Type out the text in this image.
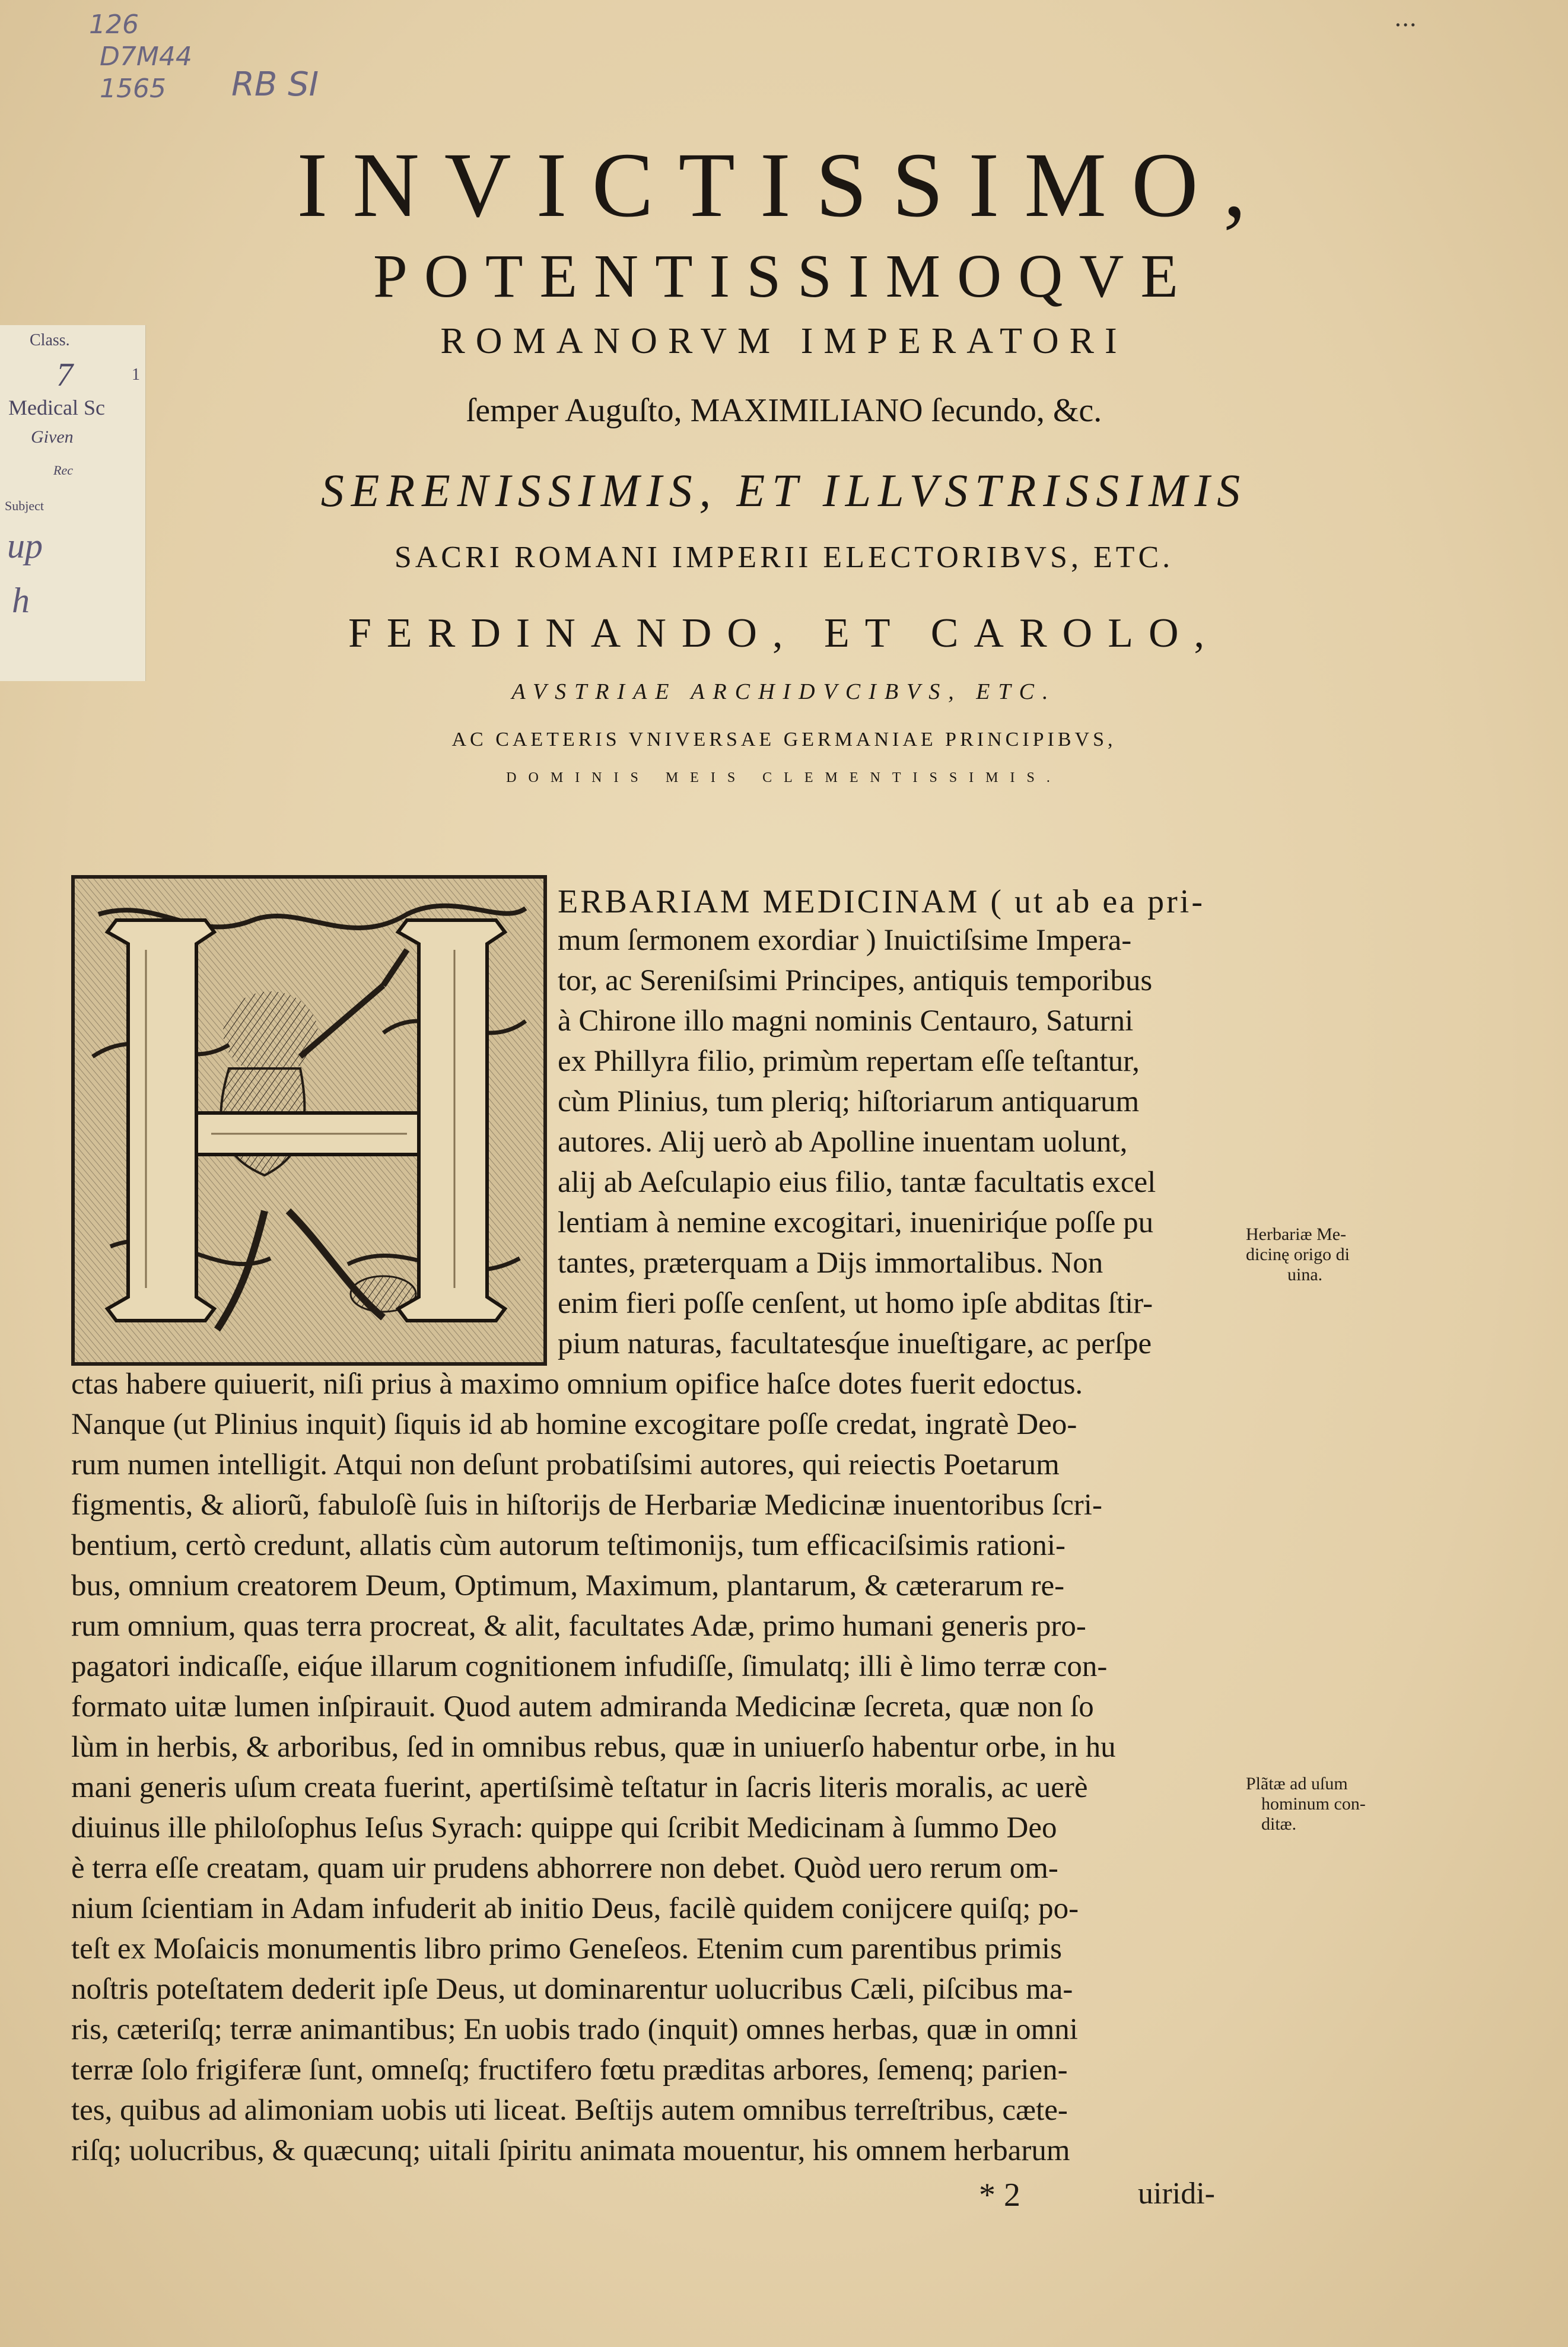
126
D7M44
1565 RB SI
...
Class.
7	1
Medical Sc
Given
Rec
Subject
up
h
INVICTISSIMO,
POTENTISSIMOQVE
ROMANORVM IMPERATORI
ſemper Auguſto, MAXIMILIANO ſecundo, &c.
SERENISSIMIS, ET ILLVSTRISSIMIS
SACRI ROMANI IMPERII ELECTORIBVS, ETC.
FERDINANDO, ET CAROLO,
AVSTRIAE ARCHIDVCIBVS, ETC.
AC CAETERIS VNIVERSAE GERMANIAE PRINCIPIBVS,
DOMINIS MEIS CLEMENTISSIMIS.
ERBARIAM MEDICINAM ( ut ab ea pri-
mum ſermonem exordiar ) Inuictiſsime Impera-
tor, ac Sereniſsimi Principes, antiquis temporibus
à Chirone illo magni nominis Centauro, Saturni
ex Phillyra filio, primùm repertam eſſe teſtantur,
cùm Plinius, tum pleriq; hiſtoriarum antiquarum
autores. Alij uerò ab Apolline inuentam uolunt,
alij ab Aeſculapio eius filio, tantæ facultatis excel
lentiam à nemine excogitari, inueniriq́ue poſſe pu
tantes, præterquam a Dijs immortalibus. Non
enim fieri poſſe cenſent, ut homo ipſe abditas ſtir-
pium naturas, facultatesq́ue inueſtigare, ac perſpe
ctas habere quiuerit, niſi prius à maximo omnium opifice haſce dotes fuerit edoctus.
Nanque (ut Plinius inquit) ſiquis id ab homine excogitare poſſe credat, ingratè Deo-
rum numen intelligit. Atqui non deſunt probatiſsimi autores, qui reiectis Poetarum
figmentis, & aliorũ, fabuloſè ſuis in hiſtorijs de Herbariæ Medicinæ inuentoribus ſcri-
bentium, certò credunt, allatis cùm autorum teſtimonijs, tum efficaciſsimis rationi-
bus, omnium creatorem Deum, Optimum, Maximum, plantarum, & cæterarum re-
rum omnium, quas terra procreat, & alit, facultates Adæ, primo humani generis pro-
pagatori indicaſſe, eiq́ue illarum cognitionem infudiſſe, ſimulatq; illi è limo terræ con-
formato uitæ lumen inſpirauit. Quod autem admiranda Medicinæ ſecreta, quæ non ſo
lùm in herbis, & arboribus, ſed in omnibus rebus, quæ in uniuerſo habentur orbe, in hu
mani generis uſum creata fuerint, apertiſsimè teſtatur in ſacris literis moralis, ac uerè
diuinus ille philoſophus Ieſus Syrach: quippe qui ſcribit Medicinam à ſummo Deo
è terra eſſe creatam, quam uir prudens abhorrere non debet. Quòd uero rerum om-
nium ſcientiam in Adam infuderit ab initio Deus, facilè quidem conijcere quiſq; po-
teſt ex Moſaicis monumentis libro primo Geneſeos. Etenim cum parentibus primis
noſtris poteſtatem dederit ipſe Deus, ut dominarentur uolucribus Cæli, piſcibus ma-
ris, cæteriſq; terræ animantibus; En uobis trado (inquit) omnes herbas, quæ in omni
terræ ſolo frigiferæ ſunt, omneſq; fructifero fœtu præditas arbores, ſemenq; parien-
tes, quibus ad alimoniam uobis uti liceat. Beſtijs autem omnibus terreſtribus, cæte-
riſq; uolucribus, & quæcunq; uitali ſpiritu animata mouentur, his omnem herbarum
Herbariæ Me-
dicinę origo di
uina.
Plãtæ ad uſum
hominum con-
ditæ.
* 2	uiridi-
